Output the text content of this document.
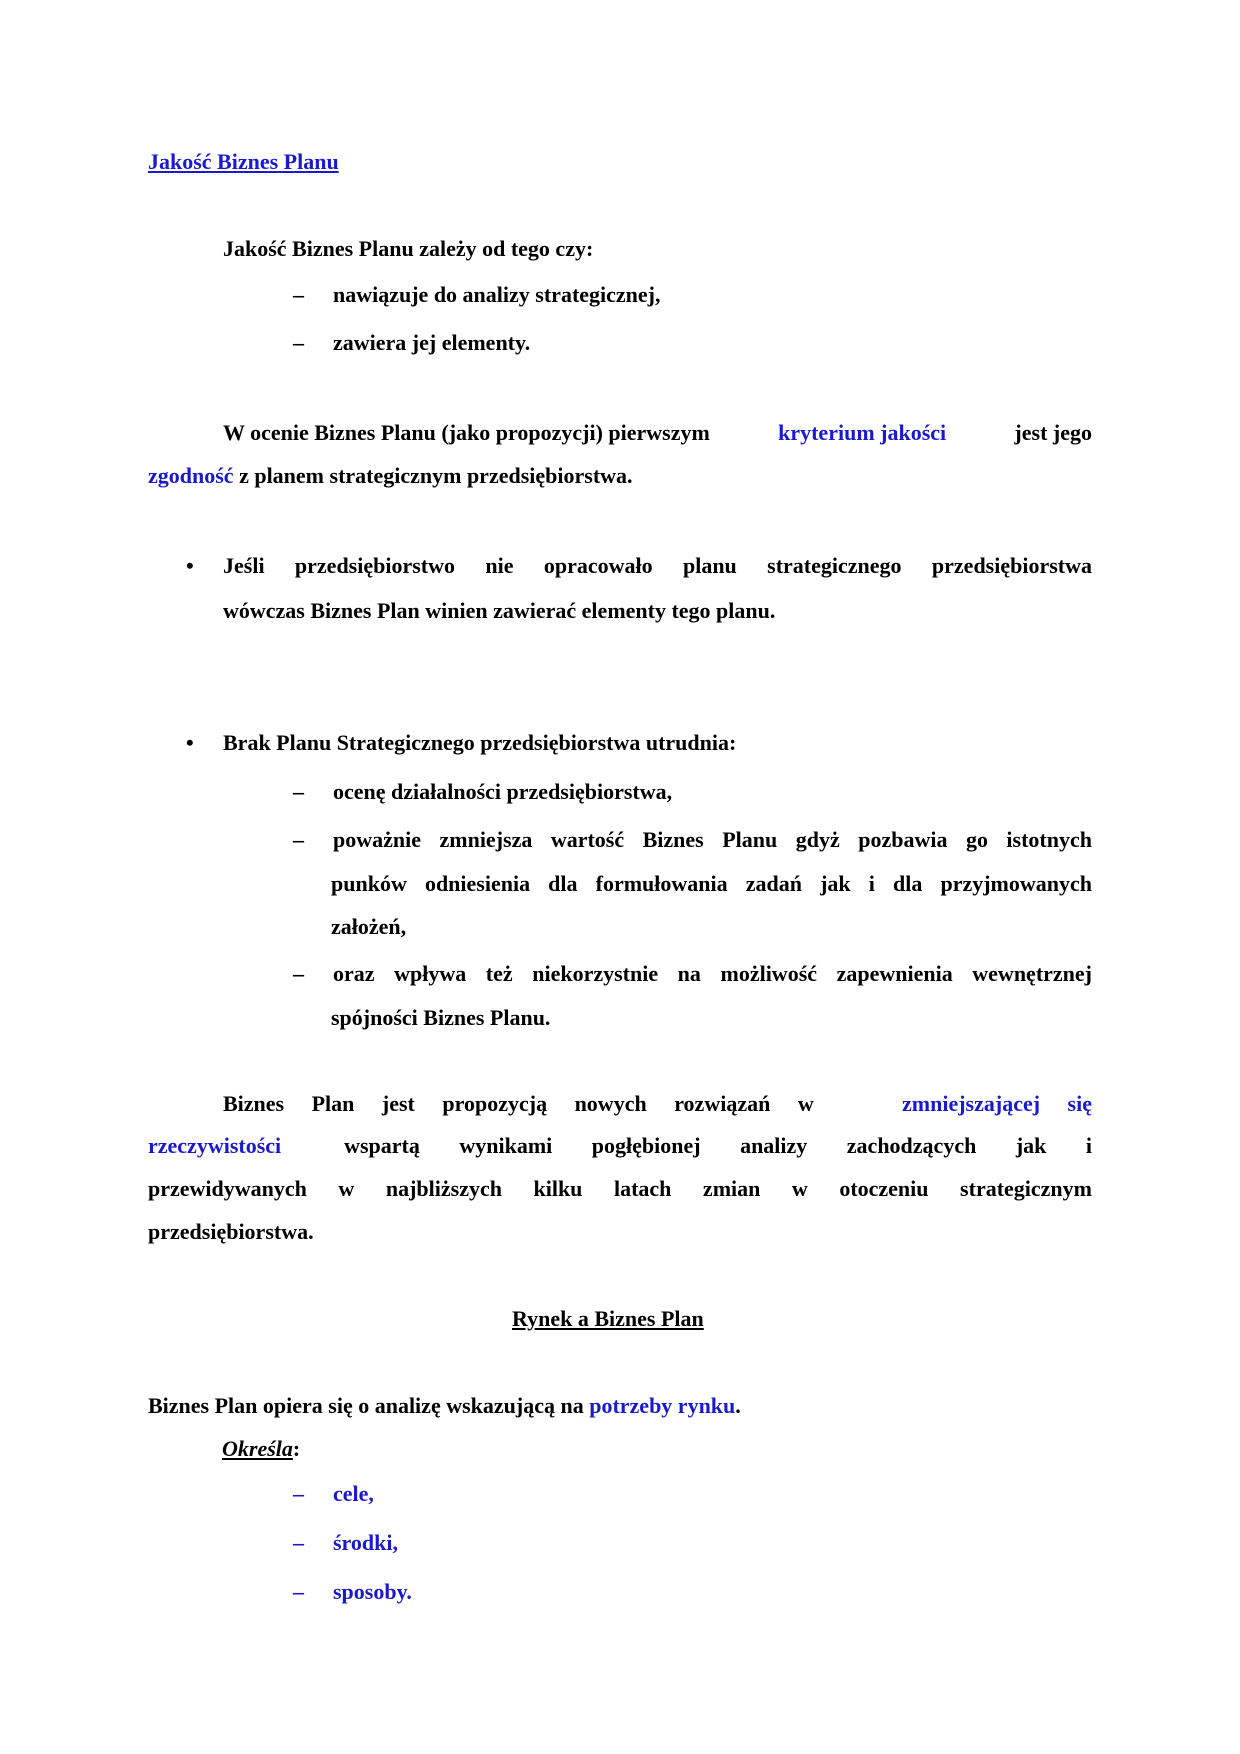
Jakość Biznes Planu
Jakość Biznes Planu zależy od tego czy:
– nawiązuje do analizy strategicznej,
– zawiera jej elementy.
W ocenie Biznes Planu (jako propozycji) pierwszym	kryterium jakości	jest jego
zgodność z planem strategicznym przedsiębiorstwa.
• Jeśli przedsiębiorstwo nie opracowało planu strategicznego przedsiębiorstwa
wówczas Biznes Plan winien zawierać elementy tego planu.
• Brak Planu Strategicznego przedsiębiorstwa utrudnia:
– ocenę działalności przedsiębiorstwa,
– poważnie zmniejsza wartość Biznes Planu gdyż pozbawia go istotnych
punków odniesienia dla formułowania zadań jak i dla przyjmowanych
założeń,
– oraz wpływa też niekorzystnie na możliwość zapewnienia wewnętrznej
spójności Biznes Planu.
Biznes Plan jest propozycją nowych rozwiązań w	zmniejszającej się
rzeczywistości	wspartą wynikami pogłębionej analizy zachodzących jak i
przewidywanych w najbliższych kilku latach zmian w otoczeniu strategicznym
przedsiębiorstwa.
Rynek a Biznes Plan
Biznes Plan opiera się o analizę wskazującą na potrzeby rynku.
Określa:
– cele,
– środki,
– sposoby.
